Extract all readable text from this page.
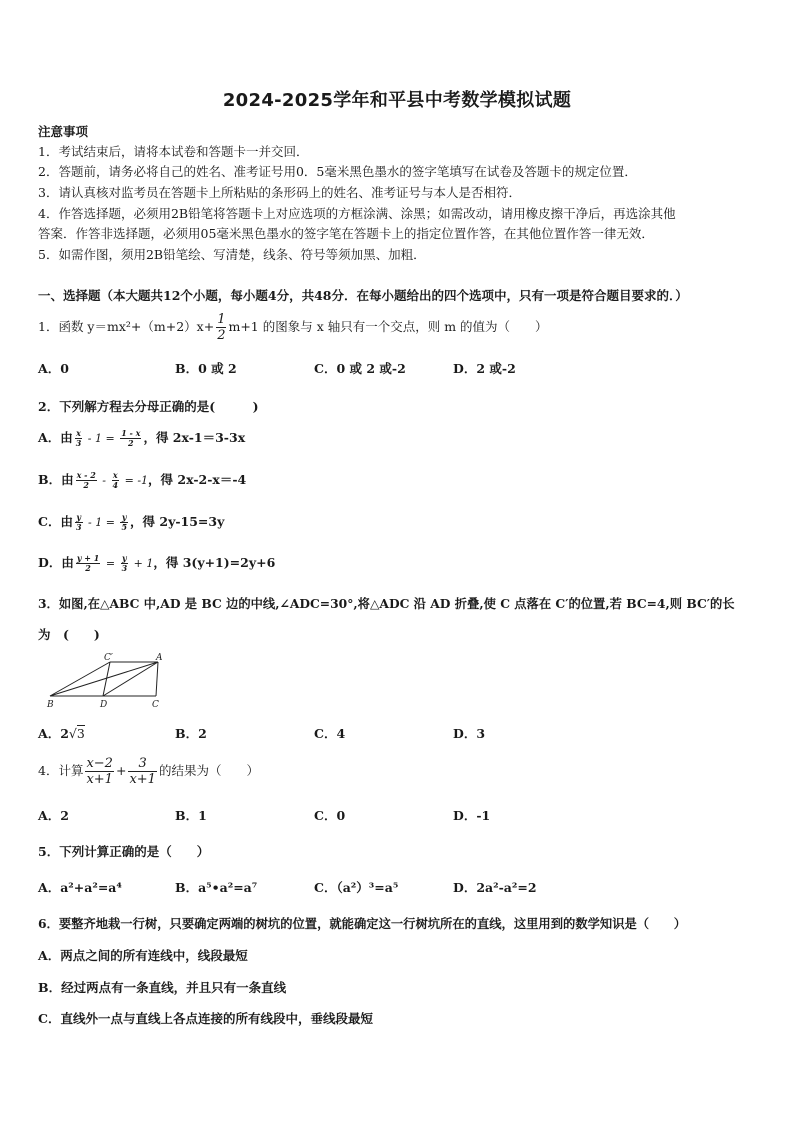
2024-2025学年和平县中考数学模拟试题
注意事项
1．考试结束后，请将本试卷和答题卡一并交回．
2．答题前，请务必将自己的姓名、准考证号用0．5毫米黑色墨水的签字笔填写在试卷及答题卡的规定位置．
3．请认真核对监考员在答题卡上所粘贴的条形码上的姓名、准考证号与本人是否相符．
4．作答选择题，必须用2B铅笔将答题卡上对应选项的方框涂满、涂黑；如需改动，请用橡皮擦干净后，再选涂其他
答案．作答非选择题，必须用05毫米黑色墨水的签字笔在答题卡上的指定位置作答，在其他位置作答一律无效．
5．如需作图，须用2B铅笔绘、写清楚，线条、符号等须加黑、加粗．
一、选择题（本大题共12个小题，每小题4分，共48分．在每小题给出的四个选项中，只有一项是符合题目要求的．）
1．函数 $y=mx^2+(m+2)x+ \frac{1}{2} m+1$ 的图象与 x 轴只有一个交点，则 m 的值为（　　）
A．0	B．0 或 2	C．0 或 2 或-2	D．2 或-2
2．下列解方程去分母正确的是(　　　)
A．由 $\frac{x}{3} - 1 = \frac{1 - x}{2}$ ，得 2x-1＝3-3x
B．由 $\frac{x - 2}{2} - \frac{x}{4} = -1$，得 2x-2-x＝-4
C．由 $\frac{y}{3} - 1 = \frac{y}{5}$ ，得 2y-15=3y
D．由 $\frac{y + 1}{2} = \frac{y}{3} + 1$，得 3(y+1)=2y+6
3．如图,在△ABC 中,AD 是 BC 边的中线,∠ADC=30°,将△ADC 沿 AD 折叠,使 C 点落在 C′的位置,若 BC=4,则 BC′的长
为　(　　)
B	D	C
C′	A
A．2√3	B．2	C．4	D．3
4．计算 $\frac{x-2}{x+1} + \frac{3}{x+1}$ 的结果为（　　）
A．2	B．1	C．0	D．-1
5．下列计算正确的是（　　）
A．a²+a²=a⁴	B．a⁵•a²=a⁷	C．（a²）³=a⁵	D．2a²-a²=2
6．要整齐地栽一行树，只要确定两端的树坑的位置，就能确定这一行树坑所在的直线，这里用到的数学知识是（　　）
A．两点之间的所有连线中，线段最短
B．经过两点有一条直线，并且只有一条直线
C．直线外一点与直线上各点连接的所有线段中，垂线段最短
